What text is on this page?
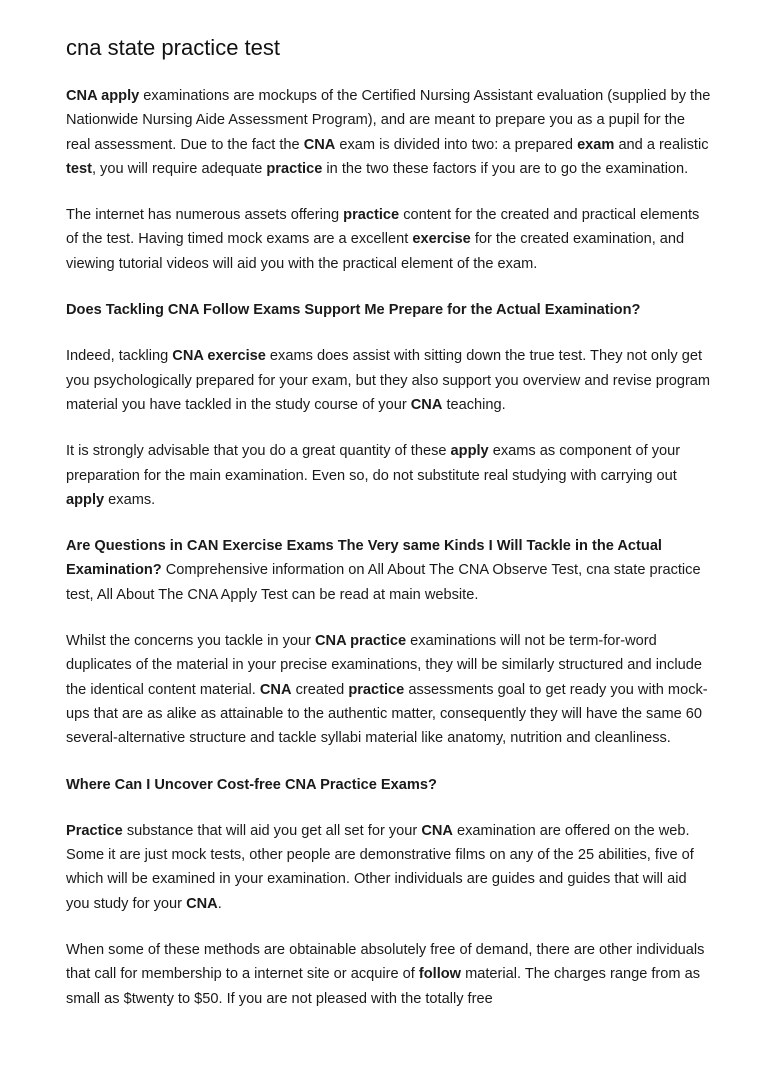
cna state practice test

CNA apply examinations are mockups of the Certified Nursing Assistant evaluation (supplied by the Nationwide Nursing Aide Assessment Program), and are meant to prepare you as a pupil for the real assessment. Due to the fact the CNA exam is divided into two: a prepared exam and a realistic test, you will require adequate practice in the two these factors if you are to go the examination.

The internet has numerous assets offering practice content for the created and practical elements of the test. Having timed mock exams are a excellent exercise for the created examination, and viewing tutorial videos will aid you with the practical element of the exam.

Does Tackling CNA Follow Exams Support Me Prepare for the Actual Examination?

Indeed, tackling CNA exercise exams does assist with sitting down the true test. They not only get you psychologically prepared for your exam, but they also support you overview and revise program material you have tackled in the study course of your CNA teaching.

It is strongly advisable that you do a great quantity of these apply exams as component of your preparation for the main examination. Even so, do not substitute real studying with carrying out apply exams.

Are Questions in CAN Exercise Exams The Very same Kinds I Will Tackle in the Actual Examination? Comprehensive information on All About The CNA Observe Test, cna state practice test, All About The CNA Apply Test can be read at main website.

Whilst the concerns you tackle in your CNA practice examinations will not be term-for-word duplicates of the material in your precise examinations, they will be similarly structured and include the identical content material. CNA created practice assessments goal to get ready you with mock-ups that are as alike as attainable to the authentic matter, consequently they will have the same 60 several-alternative structure and tackle syllabi material like anatomy, nutrition and cleanliness.

Where Can I Uncover Cost-free CNA Practice Exams?

Practice substance that will aid you get all set for your CNA examination are offered on the web. Some it are just mock tests, other people are demonstrative films on any of the 25 abilities, five of which will be examined in your examination. Other individuals are guides and guides that will aid you study for your CNA.

When some of these methods are obtainable absolutely free of demand, there are other individuals that call for membership to a internet site or acquire of follow material. The charges range from as small as $twenty to $50. If you are not pleased with the totally free
